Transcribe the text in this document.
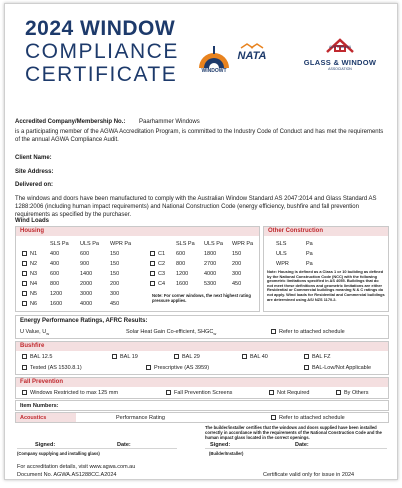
2024 WINDOW
COMPLIANCE
CERTIFICATE	WINDOWT
NATA
AUSTRALIAN
GLASS & WINDOW
ASSOCIATION
Accredited Company/Membership No.: Paarhammer Windows
is a participating member of the AGWA Accreditation Program, is committed to the Industry Code of Conduct and has met the requirements of the annual AGWA Compliance Audit.
Client Name:
Site Address:
Delivered on:
The windows and doors have been manufactured to comply with the Australian Window Standard AS 2047:2014 and Glass Standard AS 1288:2006 (including human impact requirements) and National Construction Code (energy efficiency, bushfire and fall prevention requirements as specified by the purchaser.
Wind Loads
Housing
	SLS Pa	ULS Pa	WPR Pa
N1	400	600	150
N2	400	900	150
N3	600	1400	150
N4	800	2000	200
N5	1200	3000	300
N6	1600	4000	450
	SLS Pa	ULS Pa	WPR Pa
C1	600	1800	150
C2	800	2700	200
C3	1200	4000	300
C4	1600	5300	450
Note: For corner windows, the next highest rating pressure applies.
Other Construction
SLS	Pa
ULS	Pa
WPR	Pa
Note: Housing is defined as a Class 1 or 10 building as defined by the National Construction Code (NCC) with the following geometric limitations specified in AS 4055. Buildings that do not meet these definitions and geometric limitations are either Residential or Commercial buildings meaning N & C ratings do not apply. Wind loads for Residential and Commercial buildings are determined using AS/ NZS 1170.2.
Energy Performance Ratings, AFRC Results:
U Value, $U_w$	Solar Heat Gain Co-efficient, $SHGC_w$	Refer to attached schedule
Bushfire
BAL 12.5	BAL 19	BAL 29	BAL 40	BAL FZ
Tested (AS 1530.8.1)	Prescriptive (AS 3959)	BAL-Low/Not Applicable
Fall Prevention
Windows Restricted to max 125 mm	Fall Prevention Screens	Not Required	By Others
Item Numbers:
Acoustics	Performance Rating	Refer to attached schedule
The builder/installer certifies that the windows and doors supplied have been installed correctly in accordance with the requirements of the National Construction Code and the human impact glass located in the correct openings.
Signed:	Date:
(Company supplying and installing glass)
Signed:	Date:
(Builder/Installer)
For accreditation details, visit www.agwa.com.au
Document No. AGWA.AS1288CC.A2024	Certificate valid only for issue in 2024
